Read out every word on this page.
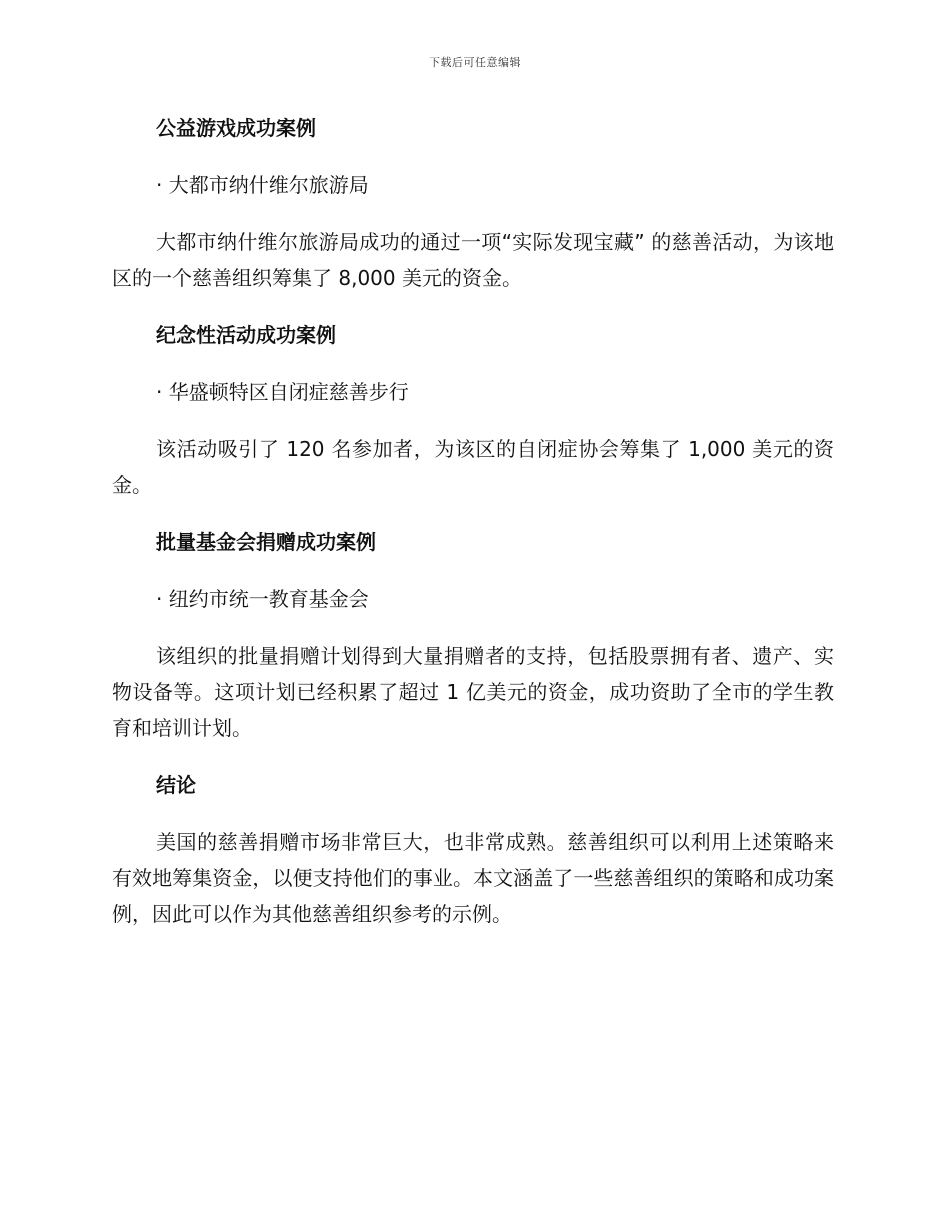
下载后可任意编辑

公益游戏成功案例

· 大都市纳什维尔旅游局

大都市纳什维尔旅游局成功的通过一项“实际发现宝藏” 的慈善活动，为该地区的一个慈善组织筹集了 8,000 美元的资金。

纪念性活动成功案例

· 华盛顿特区自闭症慈善步行

该活动吸引了 120 名参加者，为该区的自闭症协会筹集了 1,000 美元的资金。

批量基金会捐赠成功案例

· 纽约市统一教育基金会

该组织的批量捐赠计划得到大量捐赠者的支持，包括股票拥有者、遗产、实物设备等。这项计划已经积累了超过 1 亿美元的资金，成功资助了全市的学生教育和培训计划。

结论

美国的慈善捐赠市场非常巨大，也非常成熟。慈善组织可以利用上述策略来有效地筹集资金，以便支持他们的事业。本文涵盖了一些慈善组织的策略和成功案例，因此可以作为其他慈善组织参考的示例。
